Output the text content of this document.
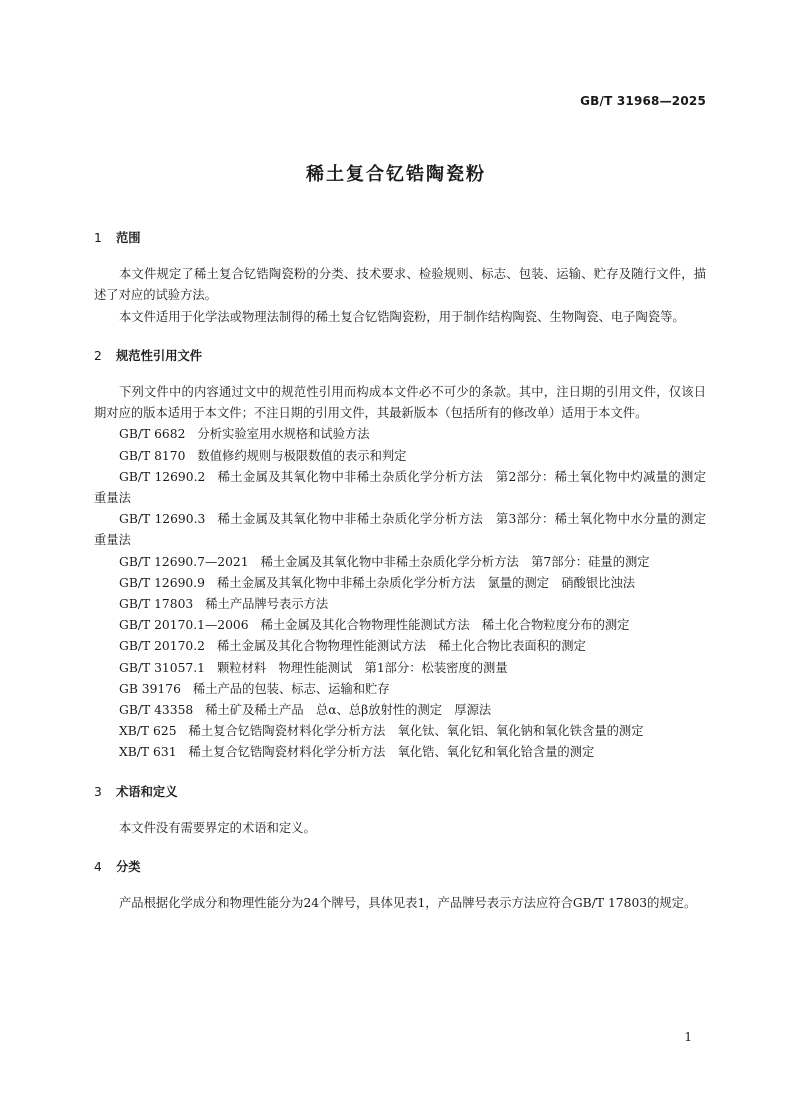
GB/T 31968—2025
稀土复合钇锆陶瓷粉

1 范围

本文件规定了稀土复合钇锆陶瓷粉的分类、技术要求、检验规则、标志、包装、运输、贮存及随行文件，描述了对应的试验方法。

本文件适用于化学法或物理法制得的稀土复合钇锆陶瓷粉，用于制作结构陶瓷、生物陶瓷、电子陶瓷等。

2 规范性引用文件

下列文件中的内容通过文中的规范性引用而构成本文件必不可少的条款。其中，注日期的引用文件，仅该日期对应的版本适用于本文件；不注日期的引用文件，其最新版本（包括所有的修改单）适用于本文件。

GB/T 6682 分析实验室用水规格和试验方法

GB/T 8170 数值修约规则与极限数值的表示和判定

GB/T 12690.2 稀土金属及其氧化物中非稀土杂质化学分析方法　第2部分：稀土氧化物中灼减量的测定　重量法

GB/T 12690.3 稀土金属及其氧化物中非稀土杂质化学分析方法　第3部分：稀土氧化物中水分量的测定　重量法

GB/T 12690.7—2021 稀土金属及其氧化物中非稀土杂质化学分析方法　第7部分：硅量的测定

GB/T 12690.9 稀土金属及其氧化物中非稀土杂质化学分析方法　氯量的测定　硝酸银比浊法

GB/T 17803 稀土产品牌号表示方法

GB/T 20170.1—2006 稀土金属及其化合物物理性能测试方法　稀土化合物粒度分布的测定

GB/T 20170.2 稀土金属及其化合物物理性能测试方法　稀土化合物比表面积的测定

GB/T 31057.1 颗粒材料　物理性能测试　第1部分：松装密度的测量

GB 39176 稀土产品的包装、标志、运输和贮存

GB/T 43358 稀土矿及稀土产品　总α、总β放射性的测定　厚源法

XB/T 625 稀土复合钇锆陶瓷材料化学分析方法　氧化钛、氧化铝、氧化钠和氧化铁含量的测定

XB/T 631 稀土复合钇锆陶瓷材料化学分析方法　氧化锆、氧化钇和氧化铪含量的测定

3 术语和定义

本文件没有需要界定的术语和定义。

4 分类

产品根据化学成分和物理性能分为24个牌号，具体见表1，产品牌号表示方法应符合GB/T 17803的规定。

1
